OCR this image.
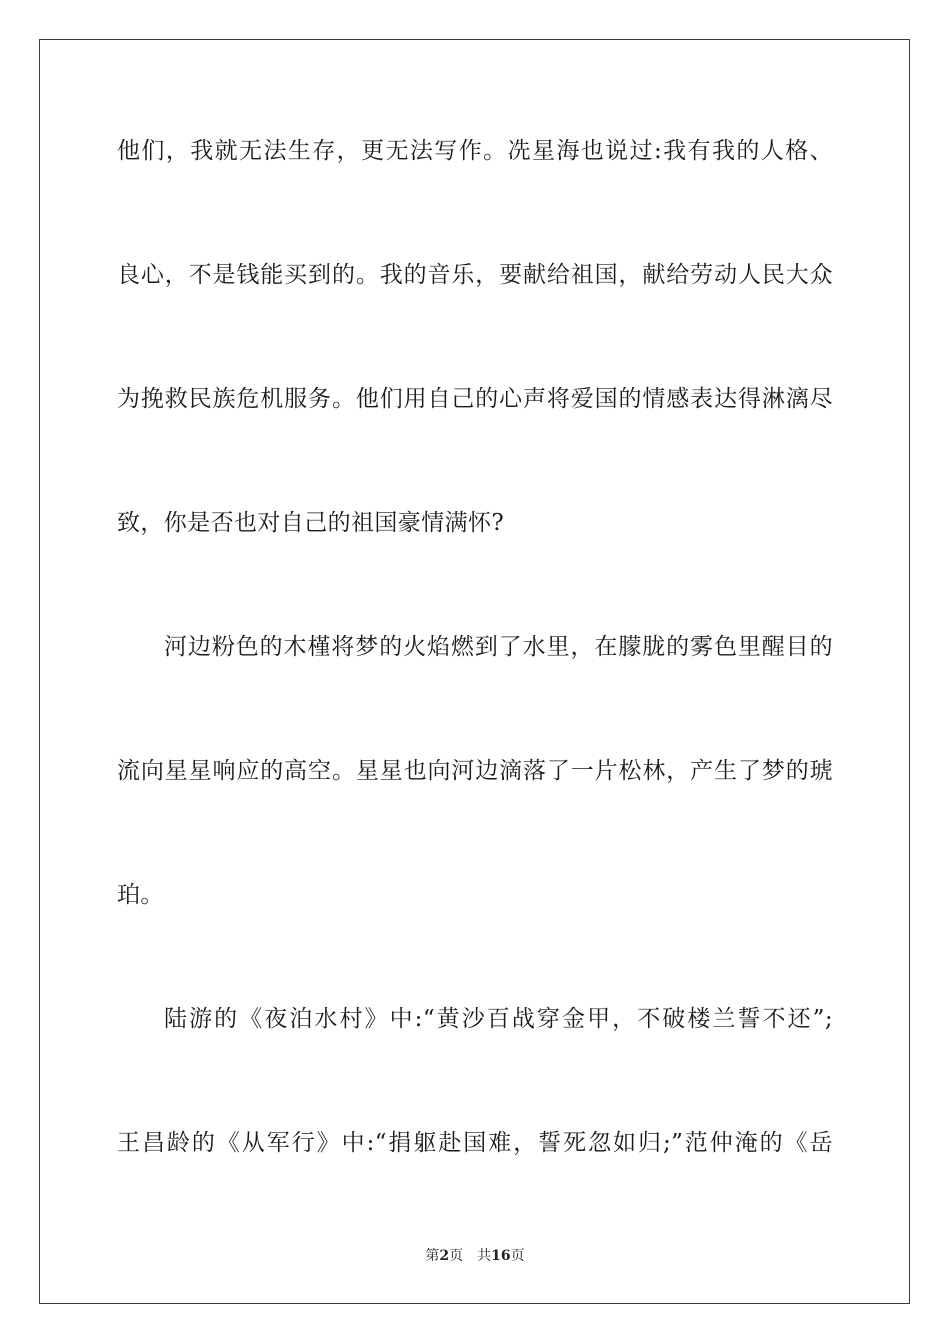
他们，我就无法生存，更无法写作。冼星海也说过:我有我的人格、
良心，不是钱能买到的。我的音乐，要献给祖国，献给劳动人民大众
为挽救民族危机服务。他们用自己的心声将爱国的情感表达得淋漓尽
致，你是否也对自己的祖国豪情满怀?
河边粉色的木槿将梦的火焰燃到了水里，在朦胧的雾色里醒目的
流向星星响应的高空。星星也向河边滴落了一片松林，产生了梦的琥
珀。
陆游的《夜泊水村》中:“黄沙百战穿金甲，不破楼兰誓不还”;
王昌龄的《从军行》中:“捐躯赴国难，誓死忽如归;”范仲淹的《岳
第2页 共16页
